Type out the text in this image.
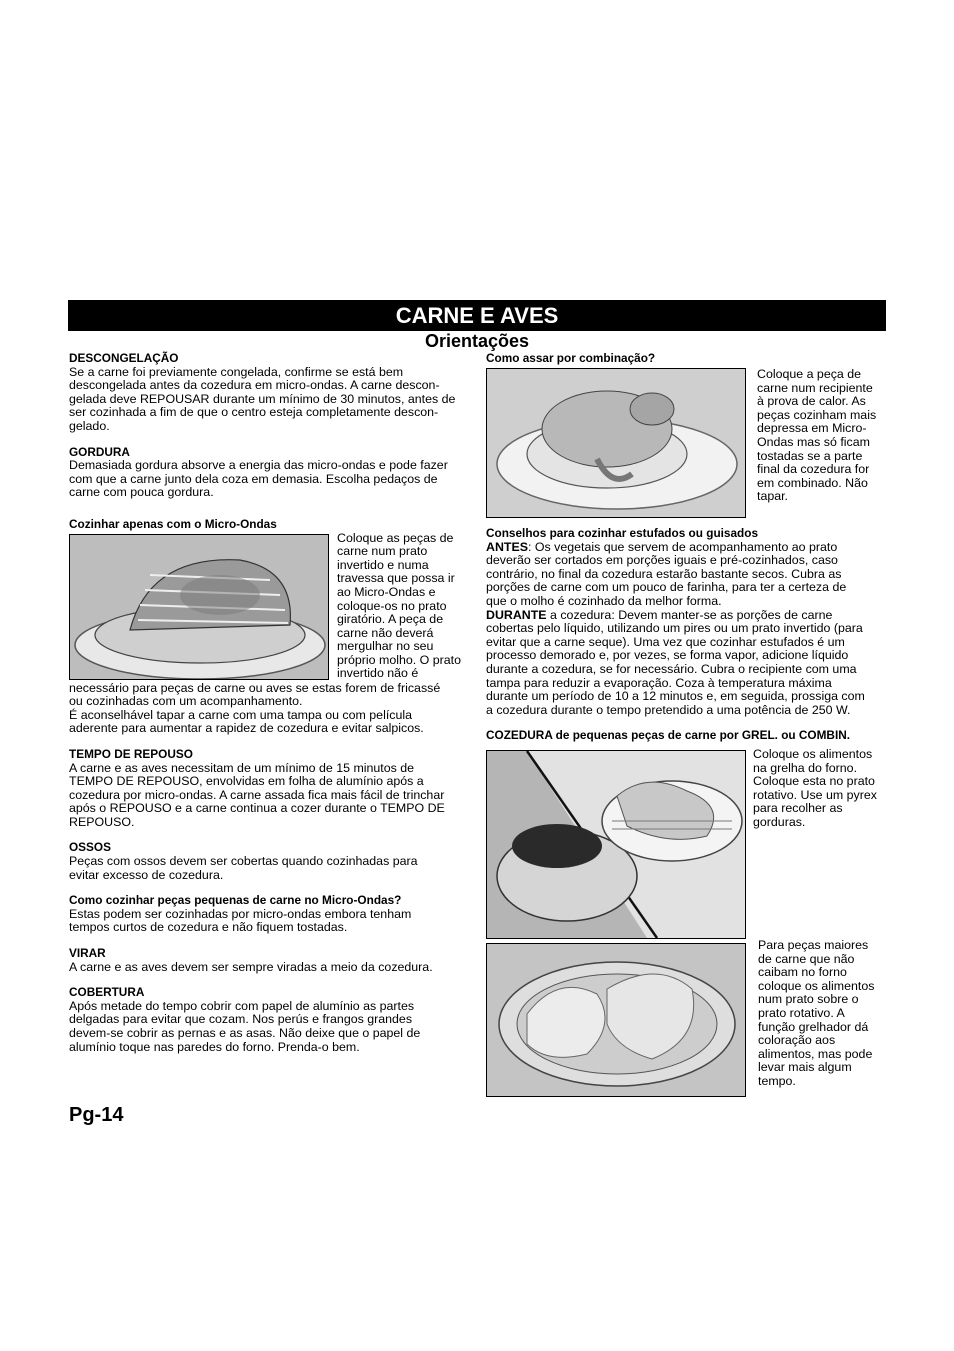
CARNE E AVES
Orientações

DESCONGELAÇÃO

Se a carne foi previamente congelada, confirme se está bem
descongelada antes da cozedura em micro-ondas. A carne descon-
gelada deve REPOUSAR durante um mínimo de 30 minutos, antes de
ser cozinhada a fim de que o centro esteja completamente descon-
gelado.

GORDURA

Demasiada gordura absorve a energia das micro-ondas e pode fazer
com que a carne junto dela coza em demasia. Escolha pedaços de
carne com pouca gordura.

Cozinhar apenas com o Micro-Ondas

Coloque as peças de
carne num prato
invertido e numa
travessa que possa ir
ao Micro-Ondas e
coloque-os no prato
giratório. A peça de
carne não deverá
mergulhar no seu
próprio molho. O prato
invertido não é
necessário para peças de carne ou aves se estas forem de fricassé
ou cozinhadas com um acompanhamento.
É aconselhável tapar a carne com uma tampa ou com película
aderente para aumentar a rapidez de cozedura e evitar salpicos.

TEMPO DE REPOUSO

A carne e as aves necessitam de um mínimo de 15 minutos de
TEMPO DE REPOUSO, envolvidas em folha de alumínio após a
cozedura por micro-ondas. A carne assada fica mais fácil de trinchar
após o REPOUSO e a carne continua a cozer durante o TEMPO DE
REPOUSO.

OSSOS

Peças com ossos devem ser cobertas quando cozinhadas para
evitar excesso de cozedura.

Como cozinhar peças pequenas de carne no Micro-Ondas?

Estas podem ser cozinhadas por micro-ondas embora tenham
tempos curtos de cozedura e não fiquem tostadas.

VIRAR

A carne e as aves devem ser sempre viradas a meio da cozedura.

COBERTURA

Após metade do tempo cobrir com papel de alumínio as partes
delgadas para evitar que cozam. Nos perús e frangos grandes
devem-se cobrir as pernas e as asas. Não deixe que o papel de
alumínio toque nas paredes do forno. Prenda-o bem.

Como assar por combinação?

Coloque a peça de
carne num recipiente
à prova de calor. As
peças cozinham mais
depressa em Micro-
Ondas mas só ficam
tostadas se a parte
final da cozedura for
em combinado. Não
tapar.

Conselhos para cozinhar estufados ou guisados

ANTES: Os vegetais que servem de acompanhamento ao prato
deverão ser cortados em porções iguais e pré-cozinhados, caso
contrário, no final da cozedura estarão bastante secos. Cubra as
porções de carne com um pouco de farinha, para ter a certeza de
que o molho é cozinhado da melhor forma.
DURANTE a cozedura: Devem manter-se as porções de carne
cobertas pelo líquido, utilizando um pires ou um prato invertido (para
evitar que a carne seque). Uma vez que cozinhar estufados é um
processo demorado e, por vezes, se forma vapor, adicione líquido
durante a cozedura, se for necessário. Cubra o recipiente com uma
tampa para reduzir a evaporação. Coza à temperatura máxima
durante um período de 10 a 12 minutos e, em seguida, prossiga com
a cozedura durante o tempo pretendido a uma potência de 250 W.

COZEDURA de pequenas peças de carne por GREL. ou COMBIN.

Coloque os alimentos
na grelha do forno.
Coloque esta no prato
rotativo. Use um pyrex
para recolher as
gorduras.
Para peças maiores
de carne que não
caibam no forno
coloque os alimentos
num prato sobre o
prato rotativo. A
função grelhador dá
coloração aos
alimentos, mas pode
levar mais algum
tempo.
Pg-14
